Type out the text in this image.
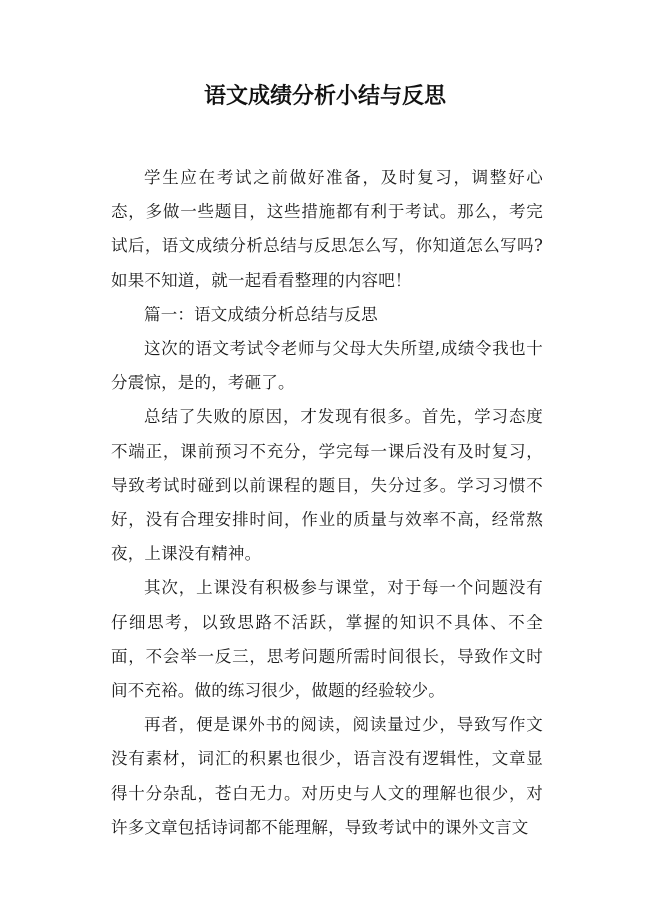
语文成绩分析小结与反思

学生应在考试之前做好准备，及时复习，调整好心态，多做一些题目，这些措施都有利于考试。那么，考完试后，语文成绩分析总结与反思怎么写，你知道怎么写吗?如果不知道，就一起看看整理的内容吧！

篇一：语文成绩分析总结与反思

这次的语文考试令老师与父母大失所望,成绩令我也十分震惊，是的，考砸了。

总结了失败的原因，才发现有很多。首先，学习态度不端正，课前预习不充分，学完每一课后没有及时复习，导致考试时碰到以前课程的题目，失分过多。学习习惯不好，没有合理安排时间，作业的质量与效率不高，经常熬夜，上课没有精神。

其次，上课没有积极参与课堂，对于每一个问题没有仔细思考，以致思路不活跃，掌握的知识不具体、不全面，不会举一反三，思考问题所需时间很长，导致作文时间不充裕。做的练习很少，做题的经验较少。

再者，便是课外书的阅读，阅读量过少，导致写作文没有素材，词汇的积累也很少，语言没有逻辑性，文章显得十分杂乱，苍白无力。对历史与人文的理解也很少，对许多文章包括诗词都不能理解，导致考试中的课外文言文
